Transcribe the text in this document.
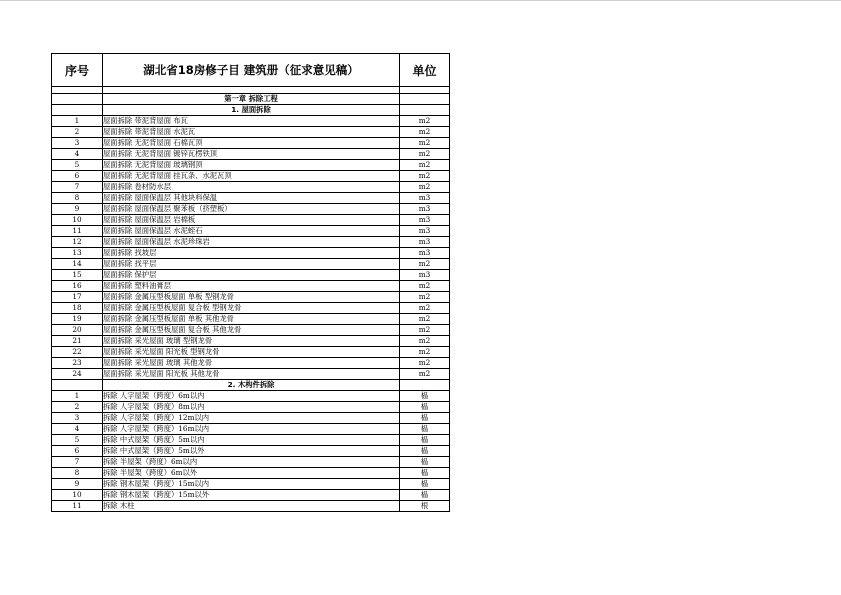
序号	湖北省18房修子目 建筑册（征求意见稿）	单位

	第一章 拆除工程	
	1. 屋面拆除	
1	屋面拆除 带泥背屋面 布瓦	m2
2	屋面拆除 带泥背屋面 水泥瓦	m2
3	屋面拆除 无泥背屋面 石棉瓦顶	m2
4	屋面拆除 无泥背屋面 镀锌瓦楞铁顶	m2
5	屋面拆除 无泥背屋面 玻璃钢顶	m2
6	屋面拆除 无泥背屋面 挂瓦条、水泥瓦顶	m2
7	屋面拆除 卷材防水层	m2
8	屋面拆除 屋面保温层 其他块料保温	m3
9	屋面拆除 屋面保温层 聚苯板（挤塑板）	m3
10	屋面拆除 屋面保温层 岩棉板	m3
11	屋面拆除 屋面保温层 水泥蛭石	m3
12	屋面拆除 屋面保温层 水泥珍珠岩	m3
13	屋面拆除 找坡层	m3
14	屋面拆除 找平层	m2
15	屋面拆除 保护层	m3
16	屋面拆除 塑料油膏层	m2
17	屋面拆除 金属压型板屋面 单板 型钢龙骨	m2
18	屋面拆除 金属压型板屋面 复合板 型钢龙骨	m2
19	屋面拆除 金属压型板屋面 单板 其他龙骨	m2
20	屋面拆除 金属压型板屋面 复合板 其他龙骨	m2
21	屋面拆除 采光屋面 玻璃 型钢龙骨	m2
22	屋面拆除 采光屋面 阳光板 型钢龙骨	m2
23	屋面拆除 采光屋面 玻璃 其他龙骨	m2
24	屋面拆除 采光屋面 阳光板 其他龙骨	m2
	2. 木构件拆除	
1	拆除 人字屋架（跨度）6m以内	榀
2	拆除 人字屋架（跨度）8m以内	榀
3	拆除 人字屋架（跨度）12m以内	榀
4	拆除 人字屋架（跨度）16m以内	榀
5	拆除 中式屋架（跨度）5m以内	榀
6	拆除 中式屋架（跨度）5m以外	榀
7	拆除 半屋架（跨度）6m以内	榀
8	拆除 半屋架（跨度）6m以外	榀
9	拆除 钢木屋架（跨度）15m以内	榀
10	拆除 钢木屋架（跨度）15m以外	榀
11	拆除 木柱	根
